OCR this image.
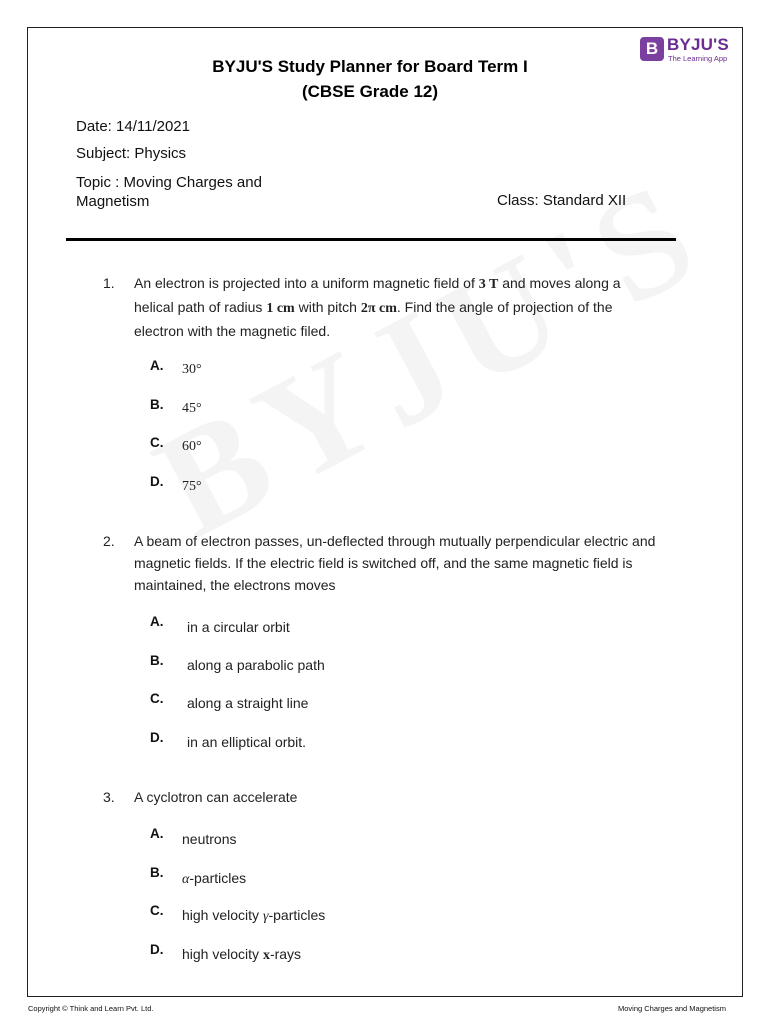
B BYJU'S
The Learning App
BYJU'S Study Planner for Board Term I
(CBSE Grade 12)
Date: 14/11/2021
Subject: Physics
Topic : Moving Charges and Magnetism	Class: Standard XII
1. An electron is projected into a uniform magnetic field of 3 T and moves along a helical path of radius 1 cm with pitch 2π cm. Find the angle of projection of the electron with the magnetic filed.
A. 30°
B. 45°
C. 60°
D. 75°
2. A beam of electron passes, un-deflected through mutually perpendicular electric and magnetic fields. If the electric field is switched off, and the same magnetic field is maintained, the electrons moves
A. in a circular orbit
B. along a parabolic path
C. along a straight line
D. in an elliptical orbit.
3. A cyclotron can accelerate
A. neutrons
B. α-particles
C. high velocity γ-particles
D. high velocity x-rays
Copyright © Think and Learn Pvt. Ltd.	Moving Charges and Magnetism
